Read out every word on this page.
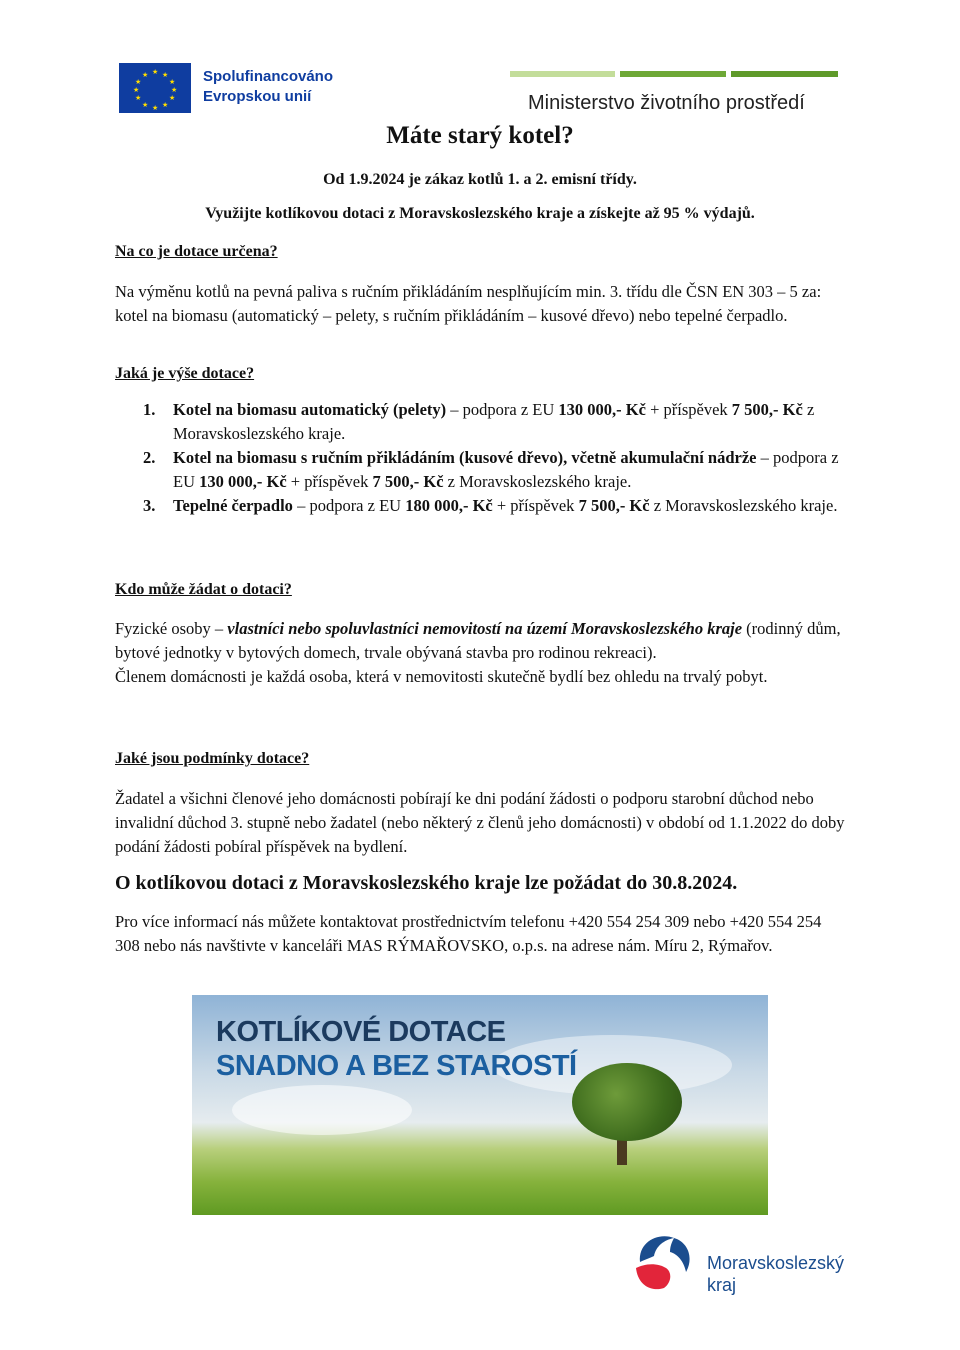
★ ★
★
★
★
★
★
★
★
★
★
★	Spolufinancováno
Evropskou unií	Ministerstvo životního prostředí
Máte starý kotel?
Od 1.9.2024 je zákaz kotlů 1. a 2. emisní třídy.
Využijte kotlíkovou dotaci z Moravskoslezského kraje a získejte až 95 % výdajů.
Na co je dotace určena?
Na výměnu kotlů na pevná paliva s ručním přikládáním nesplňujícím min. 3. třídu dle ČSN EN 303 – 5 za: kotel na biomasu (automatický – pelety, s ručním přikládáním – kusové dřevo) nebo tepelné čerpadlo.
Jaká je výše dotace?
1. Kotel na biomasu automatický (pelety) – podpora z EU 130 000,- Kč + příspěvek 7 500,- Kč z Moravskoslezského kraje.
2. Kotel na biomasu s ručním přikládáním (kusové dřevo), včetně akumulační nádrže – podpora z EU 130 000,- Kč + příspěvek 7 500,- Kč z Moravskoslezského kraje.
3. Tepelné čerpadlo – podpora z EU 180 000,- Kč + příspěvek 7 500,- Kč z Moravskoslezského kraje.
Kdo může žádat o dotaci?
Fyzické osoby – vlastníci nebo spoluvlastníci nemovitostí na území Moravskoslezského kraje (rodinný dům, bytové jednotky v bytových domech, trvale obývaná stavba pro rodinou rekreaci).
Členem domácnosti je každá osoba, která v nemovitosti skutečně bydlí bez ohledu na trvalý pobyt.
Jaké jsou podmínky dotace?
Žadatel a všichni členové jeho domácnosti pobírají ke dni podání žádosti o podporu starobní důchod nebo invalidní důchod 3. stupně nebo žadatel (nebo některý z členů jeho domácnosti) v období od 1.1.2022 do doby podání žádosti pobíral příspěvek na bydlení.
O kotlíkovou dotaci z Moravskoslezského kraje lze požádat do 30.8.2024.
Pro více informací nás můžete kontaktovat prostřednictvím telefonu +420 554 254 309 nebo +420 554 254 308 nebo nás navštivte v kanceláři MAS RÝMAŘOVSKO, o.p.s. na adrese nám. Míru 2, Rýmařov.
KOTLÍKOVÉ DOTACE
SNADNO A BEZ STAROSTÍ
Moravskoslezský
kraj
